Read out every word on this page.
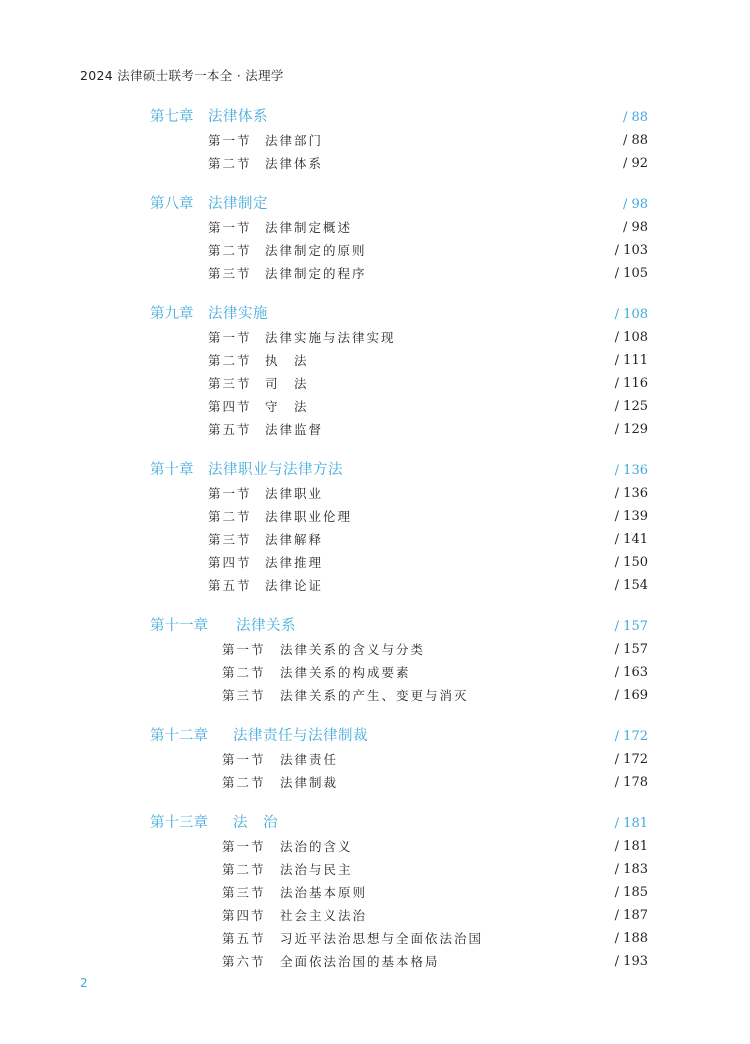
2024 法律硕士联考一本全 · 法理学
第七章 法律体系	/ 88
第一节 法律部门	/ 88
第二节 法律体系	/ 92
第八章 法律制定	/ 98
第一节 法律制定概述	/ 98
第二节 法律制定的原则	/ 103
第三节 法律制定的程序	/ 105
第九章 法律实施	/ 108
第一节 法律实施与法律实现	/ 108
第二节 执　法	/ 111
第三节 司　法	/ 116
第四节 守　法	/ 125
第五节 法律监督	/ 129
第十章 法律职业与法律方法	/ 136
第一节 法律职业	/ 136
第二节 法律职业伦理	/ 139
第三节 法律解释	/ 141
第四节 法律推理	/ 150
第五节 法律论证	/ 154
第十一章 法律关系	/ 157
第一节 法律关系的含义与分类	/ 157
第二节 法律关系的构成要素	/ 163
第三节 法律关系的产生、变更与消灭	/ 169
第十二章 法律责任与法律制裁	/ 172
第一节 法律责任	/ 172
第二节 法律制裁	/ 178
第十三章 法　治	/ 181
第一节 法治的含义	/ 181
第二节 法治与民主	/ 183
第三节 法治基本原则	/ 185
第四节 社会主义法治	/ 187
第五节 习近平法治思想与全面依法治国	/ 188
第六节 全面依法治国的基本格局	/ 193
2
